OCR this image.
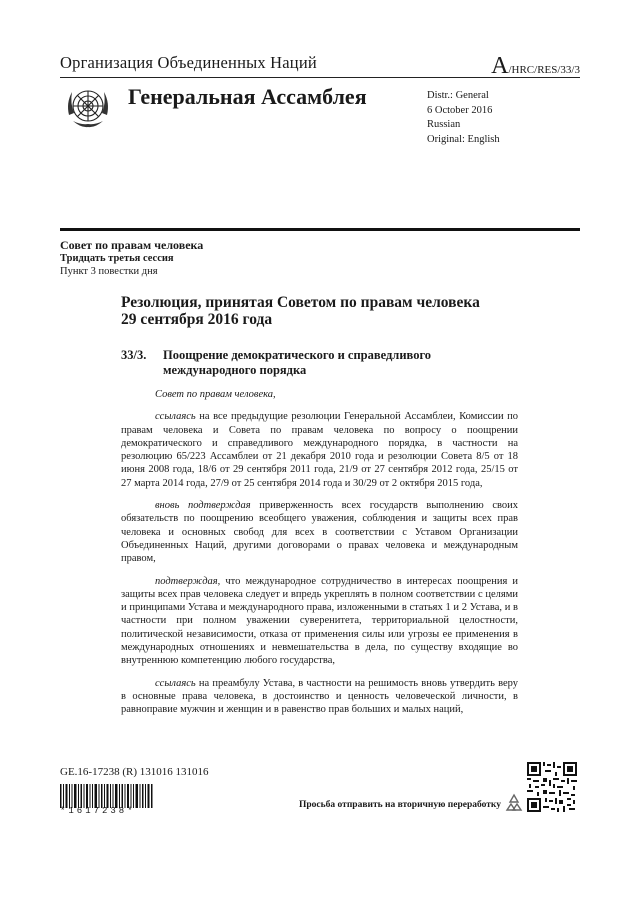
Организация Объединенных Наций	A/HRC/RES/33/3
Генеральная Ассамблея	Distr.: General
6 October 2016
Russian
Original: English
Совет по правам человека
Тридцать третья сессия
Пункт 3 повестки дня
Резолюция, принятая Советом по правам человека
29 сентября 2016 года
33/3. Поощрение демократического и справедливого
международного порядка

Совет по правам человека,

ссылаясь на все предыдущие резолюции Генеральной Ассамблеи, Комиссии по правам человека и Совета по правам человека по вопросу о поощрении демократического и справедливого международного порядка, в частности на резолюцию 65/223 Ассамблеи от 21 декабря 2010 года и резолюции Совета 8/5 от 18 июня 2008 года, 18/6 от 29 сентября 2011 года, 21/9 от 27 сентября 2012 года, 25/15 от 27 марта 2014 года, 27/9 от 25 сентября 2014 года и 30/29 от 2 октября 2015 года,

вновь подтверждая приверженность всех государств выполнению своих обязательств по поощрению всеобщего уважения, соблюдения и защиты всех прав человека и основных свобод для всех в соответствии с Уставом Организации Объединенных Наций, другими договорами о правах человека и международным правом,

подтверждая, что международное сотрудничество в интересах поощрения и защиты всех прав человека следует и впредь укреплять в полном соответствии с целями и принципами Устава и международного права, изложенными в статьях 1 и 2 Устава, и в частности при полном уважении суверенитета, территориальной целостности, политической независимости, отказа от применения силы или угрозы ее применения в международных отношениях и невмешательства в дела, по существу входящие во внутреннюю компетенцию любого государства,

ссылаясь на преамбулу Устава, в частности на решимость вновь утвердить веру в основные права человека, в достоинство и ценность человеческой личности, в равноправие мужчин и женщин и в равенство прав больших и малых наций,

GE.16-17238 (R) 131016 131016
*1617238*
Просьба отправить на вторичную переработку
